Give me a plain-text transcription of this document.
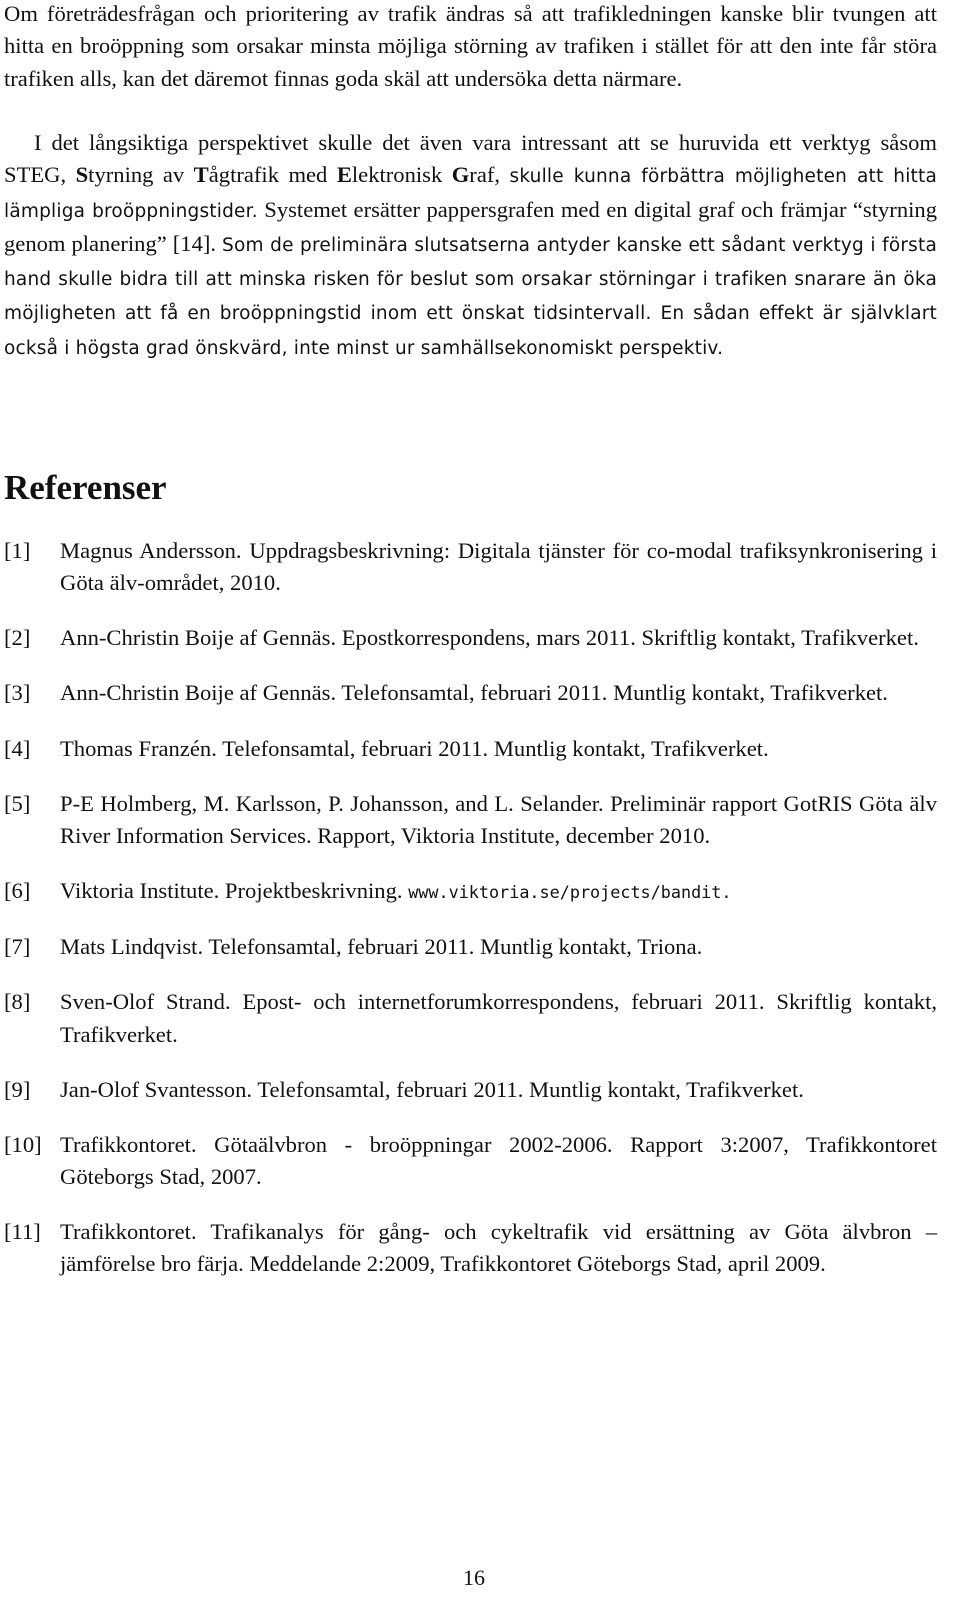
Om företrädesfrågan och prioritering av trafik ändras så att trafikledningen kanske blir tvungen att hitta en broöppning som orsakar minsta möjliga störning av trafiken i stället för att den inte får störa trafiken alls, kan det däremot finnas goda skäl att undersöka detta närmare.

I det långsiktiga perspektivet skulle det även vara intressant att se huruvida ett verktyg såsom STEG, Styrning av Tågtrafik med Elektronisk Graf, skulle kunna förbättra möjligheten att hitta lämpliga broöppningstider. Systemet ersätter pappersgrafen med en digital graf och främjar “styrning genom planering” [14]. Som de preliminära slutsatserna antyder kanske ett sådant verktyg i första hand skulle bidra till att minska risken för beslut som orsakar störningar i trafiken snarare än öka möjligheten att få en broöppningstid inom ett önskat tidsintervall. En sådan effekt är självklart också i högsta grad önskvärd, inte minst ur samhällsekonomiskt perspektiv.

Referenser
[1]	Magnus Andersson. Uppdragsbeskrivning: Digitala tjänster för co-modal trafiksynkronisering i Göta älv-området, 2010.
[2]	Ann-Christin Boije af Gennäs. Epostkorrespondens, mars 2011. Skriftlig kontakt, Trafikverket.
[3]	Ann-Christin Boije af Gennäs. Telefonsamtal, februari 2011. Muntlig kontakt, Trafikverket.
[4]	Thomas Franzén. Telefonsamtal, februari 2011. Muntlig kontakt, Trafikverket.
[5]	P-E Holmberg, M. Karlsson, P. Johansson, and L. Selander. Preliminär rapport GotRIS Göta älv River Information Services. Rapport, Viktoria Institute, december 2010.
[6]	Viktoria Institute. Projektbeskrivning. www.viktoria.se/projects/bandit.
[7]	Mats Lindqvist. Telefonsamtal, februari 2011. Muntlig kontakt, Triona.
[8]	Sven-Olof Strand. Epost- och internetforumkorrespondens, februari 2011. Skriftlig kontakt, Trafikverket.
[9]	Jan-Olof Svantesson. Telefonsamtal, februari 2011. Muntlig kontakt, Trafikverket.
[10] Trafikkontoret. Götaälvbron - broöppningar 2002-2006. Rapport 3:2007, Trafikkontoret Göteborgs Stad, 2007.
[11] Trafikkontoret. Trafikanalys för gång- och cykeltrafik vid ersättning av Göta älvbron – jämförelse bro färja. Meddelande 2:2009, Trafikkontoret Göteborgs Stad, april 2009.
16
